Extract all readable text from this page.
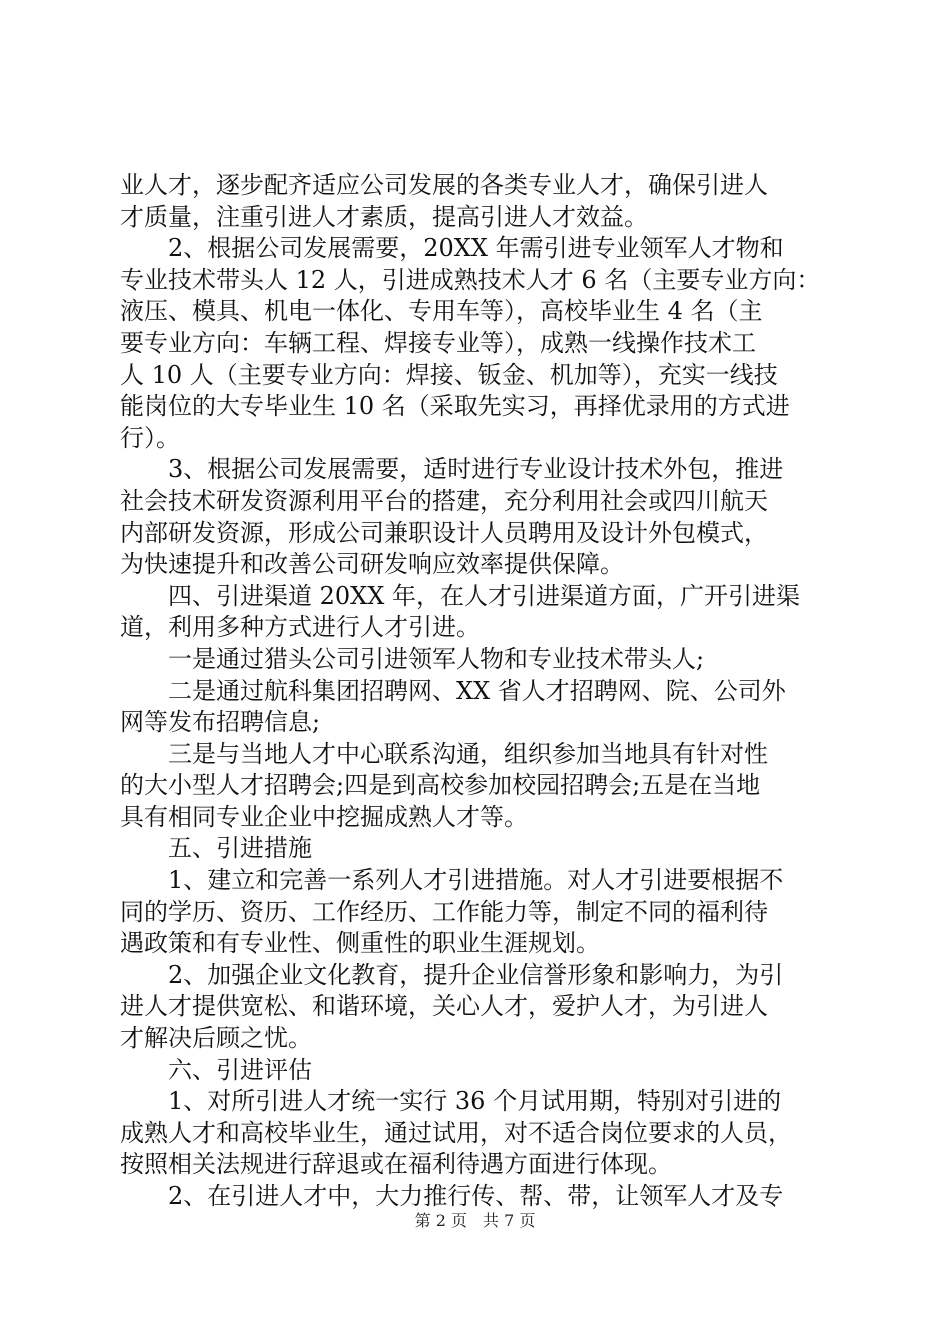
业人才，逐步配齐适应公司发展的各类专业人才，确保引进人
才质量，注重引进人才素质，提高引进人才效益。
　　2、根据公司发展需要，20XX 年需引进专业领军人才物和
专业技术带头人 12 人，引进成熟技术人才 6 名（主要专业方向：
液压、模具、机电一体化、专用车等），高校毕业生 4 名（主
要专业方向：车辆工程、焊接专业等），成熟一线操作技术工
人 10 人（主要专业方向：焊接、钣金、机加等），充实一线技
能岗位的大专毕业生 10 名（采取先实习，再择优录用的方式进
行）。
　　3、根据公司发展需要，适时进行专业设计技术外包，推进
社会技术研发资源利用平台的搭建，充分利用社会或四川航天
内部研发资源，形成公司兼职设计人员聘用及设计外包模式，
为快速提升和改善公司研发响应效率提供保障。
　　四、引进渠道 20XX 年，在人才引进渠道方面，广开引进渠
道，利用多种方式进行人才引进。
　　一是通过猎头公司引进领军人物和专业技术带头人;
　　二是通过航科集团招聘网、XX 省人才招聘网、院、公司外
网等发布招聘信息;
　　三是与当地人才中心联系沟通，组织参加当地具有针对性
的大小型人才招聘会;四是到高校参加校园招聘会;五是在当地
具有相同专业企业中挖掘成熟人才等。
　　五、引进措施
　　1、建立和完善一系列人才引进措施。对人才引进要根据不
同的学历、资历、工作经历、工作能力等，制定不同的福利待
遇政策和有专业性、侧重性的职业生涯规划。
　　2、加强企业文化教育，提升企业信誉形象和影响力，为引
进人才提供宽松、和谐环境，关心人才，爱护人才，为引进人
才解决后顾之忧。
　　六、引进评估
　　1、对所引进人才统一实行 36 个月试用期，特别对引进的
成熟人才和高校毕业生，通过试用，对不适合岗位要求的人员，
按照相关法规进行辞退或在福利待遇方面进行体现。
　　2、在引进人才中，大力推行传、帮、带，让领军人才及专
第 2 页　共 7 页
